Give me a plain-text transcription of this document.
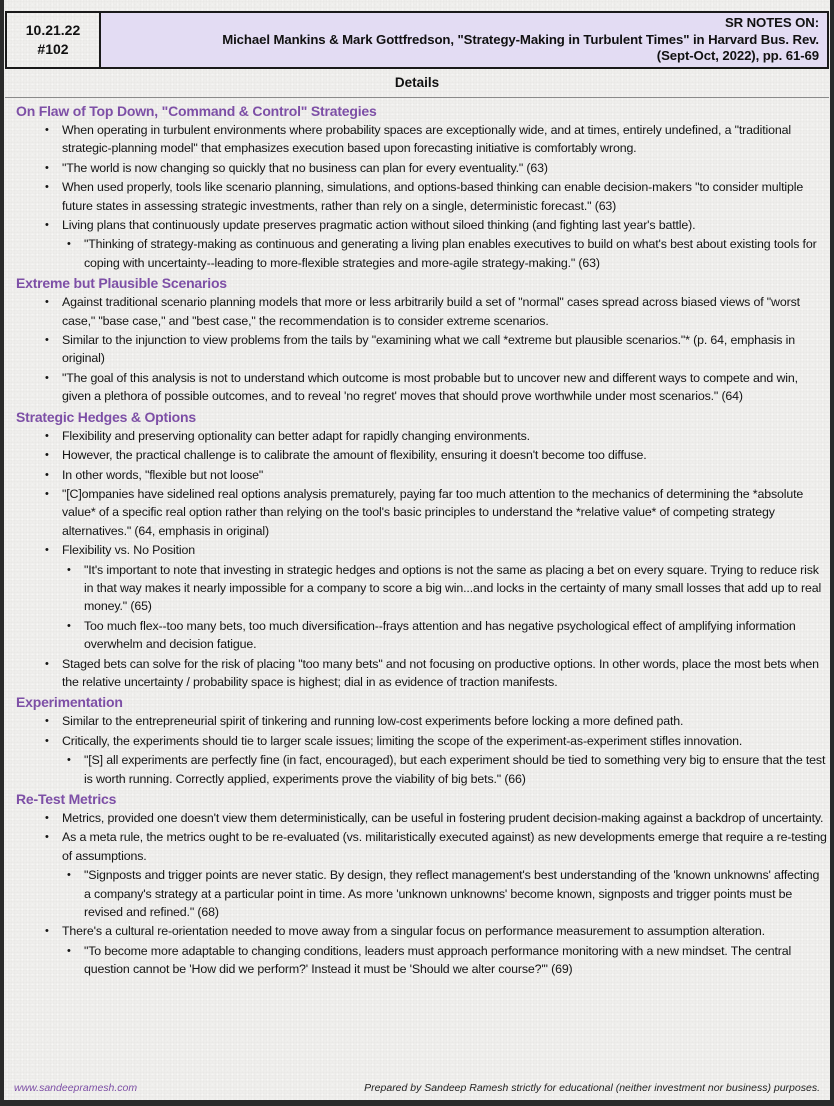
10.21.22
#102
SR NOTES ON:
Michael Mankins & Mark Gottfredson, "Strategy-Making in Turbulent Times" in Harvard Bus. Rev.
(Sept-Oct, 2022), pp. 61-69
Details
On Flaw of Top Down, "Command & Control" Strategies
• When operating in turbulent environments where probability spaces are exceptionally wide, and at times, entirely undefined, a "traditional strategic-planning model" that emphasizes execution based upon forecasting initiative is comfortably wrong.
• "The world is now changing so quickly that no business can plan for every eventuality." (63)
• When used properly, tools like scenario planning, simulations, and options-based thinking can enable decision-makers "to consider multiple future states in assessing strategic investments, rather than rely on a single, deterministic forecast." (63)
• Living plans that continuously update preserves pragmatic action without siloed thinking (and fighting last year's battle).
• "Thinking of strategy-making as continuous and generating a living plan enables executives to build on what's best about existing tools for coping with uncertainty--leading to more-flexible strategies and more-agile strategy-making." (63)
Extreme but Plausible Scenarios
• Against traditional scenario planning models that more or less arbitrarily build a set of "normal" cases spread across biased views of "worst case," "base case," and "best case," the recommendation is to consider extreme scenarios.
• Similar to the injunction to view problems from the tails by "examining what we call *extreme but plausible scenarios."* (p. 64, emphasis in original)
• "The goal of this analysis is not to understand which outcome is most probable but to uncover new and different ways to compete and win, given a plethora of possible outcomes, and to reveal 'no regret' moves that should prove worthwhile under most scenarios." (64)
Strategic Hedges & Options
• Flexibility and preserving optionality can better adapt for rapidly changing environments.
• However, the practical challenge is to calibrate the amount of flexibility, ensuring it doesn't become too diffuse.
• In other words, "flexible but not loose"
• "[C]ompanies have sidelined real options analysis prematurely, paying far too much attention to the mechanics of determining the *absolute value* of a specific real option rather than relying on the tool's basic principles to understand the *relative value* of competing strategy alternatives." (64, emphasis in original)
• Flexibility vs. No Position
• "It's important to note that investing in strategic hedges and options is not the same as placing a bet on every square. Trying to reduce risk in that way makes it nearly impossible for a company to score a big win...and locks in the certainty of many small losses that add up to real money." (65)
• Too much flex--too many bets, too much diversification--frays attention and has negative psychological effect of amplifying information overwhelm and decision fatigue.
• Staged bets can solve for the risk of placing "too many bets" and not focusing on productive options. In other words, place the most bets when the relative uncertainty / probability space is highest; dial in as evidence of traction manifests.
Experimentation
• Similar to the entrepreneurial spirit of tinkering and running low-cost experiments before locking a more defined path.
• Critically, the experiments should tie to larger scale issues; limiting the scope of the experiment-as-experiment stifles innovation.
• "[S] all experiments are perfectly fine (in fact, encouraged), but each experiment should be tied to something very big to ensure that the test is worth running. Correctly applied, experiments prove the viability of big bets." (66)
Re-Test Metrics
• Metrics, provided one doesn't view them deterministically, can be useful in fostering prudent decision-making against a backdrop of uncertainty.
• As a meta rule, the metrics ought to be re-evaluated (vs. militaristically executed against) as new developments emerge that require a re-testing of assumptions.
• "Signposts and trigger points are never static. By design, they reflect management's best understanding of the 'known unknowns' affecting a company's strategy at a particular point in time. As more 'unknown unknowns' become known, signposts and trigger points must be revised and refined." (68)
• There's a cultural re-orientation needed to move away from a singular focus on performance measurement to assumption alteration.
• "To become more adaptable to changing conditions, leaders must approach performance monitoring with a new mindset. The central question cannot be 'How did we perform?' Instead it must be 'Should we alter course?'" (69)
www.sandeepramesh.com	Prepared by Sandeep Ramesh strictly for educational (neither investment nor business) purposes.
